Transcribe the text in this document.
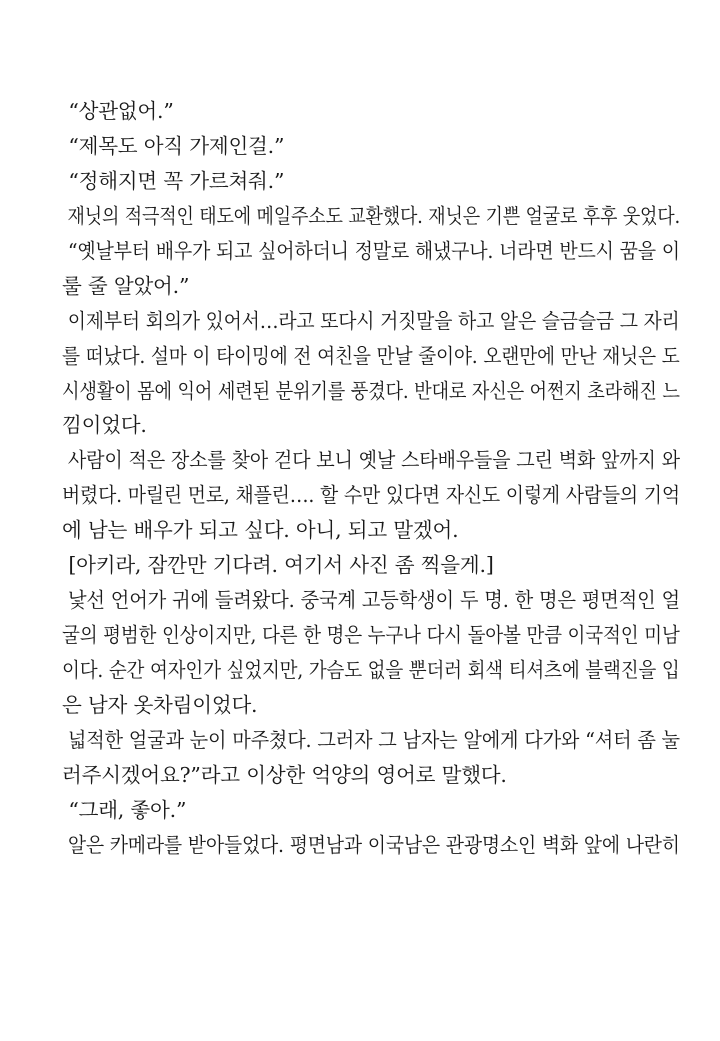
“상관없어.”
“제목도 아직 가제인걸.”
“정해지면 꼭 가르쳐줘.”
재닛의 적극적인 태도에 메일주소도 교환했다. 재닛은 기쁜 얼굴로 후후 웃었다.
“옛날부터 배우가 되고 싶어하더니 정말로 해냈구나. 너라면 반드시 꿈을 이
룰 줄 알았어.”
이제부터 회의가 있어서…라고 또다시 거짓말을 하고 알은 슬금슬금 그 자리
를 떠났다. 설마 이 타이밍에 전 여친을 만날 줄이야. 오랜만에 만난 재닛은 도
시생활이 몸에 익어 세련된 분위기를 풍겼다. 반대로 자신은 어쩐지 초라해진 느
낌이었다.
사람이 적은 장소를 찾아 걷다 보니 옛날 스타배우들을 그린 벽화 앞까지 와
버렸다. 마릴린 먼로, 채플린…. 할 수만 있다면 자신도 이렇게 사람들의 기억
에 남는 배우가 되고 싶다. 아니, 되고 말겠어.
[아키라, 잠깐만 기다려. 여기서 사진 좀 찍을게.]
낯선 언어가 귀에 들려왔다. 중국계 고등학생이 두 명. 한 명은 평면적인 얼
굴의 평범한 인상이지만, 다른 한 명은 누구나 다시 돌아볼 만큼 이국적인 미남
이다. 순간 여자인가 싶었지만, 가슴도 없을 뿐더러 회색 티셔츠에 블랙진을 입
은 남자 옷차림이었다.
넓적한 얼굴과 눈이 마주쳤다. 그러자 그 남자는 알에게 다가와 “셔터 좀 눌
러주시겠어요?”라고 이상한 억양의 영어로 말했다.
“그래, 좋아.”
알은 카메라를 받아들었다. 평면남과 이국남은 관광명소인 벽화 앞에 나란히
